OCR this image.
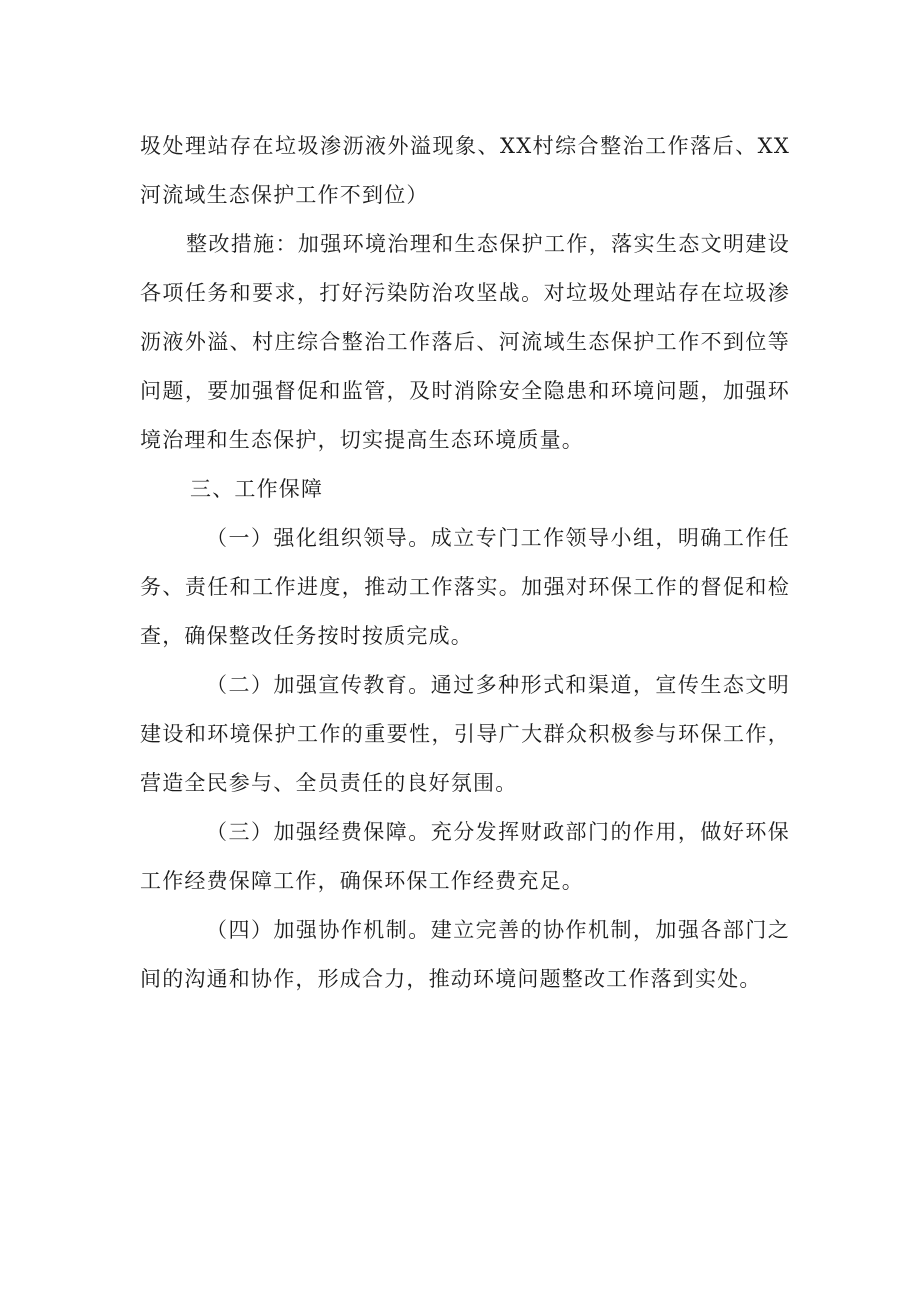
圾处理站存在垃圾渗沥液外溢现象、XX村综合整治工作落后、XX河流域生态保护工作不到位）

整改措施：加强环境治理和生态保护工作，落实生态文明建设各项任务和要求，打好污染防治攻坚战。对垃圾处理站存在垃圾渗沥液外溢、村庄综合整治工作落后、河流域生态保护工作不到位等问题，要加强督促和监管，及时消除安全隐患和环境问题，加强环境治理和生态保护，切实提高生态环境质量。

三、工作保障

（一）强化组织领导。成立专门工作领导小组，明确工作任务、责任和工作进度，推动工作落实。加强对环保工作的督促和检查，确保整改任务按时按质完成。

（二）加强宣传教育。通过多种形式和渠道，宣传生态文明建设和环境保护工作的重要性，引导广大群众积极参与环保工作，营造全民参与、全员责任的良好氛围。

（三）加强经费保障。充分发挥财政部门的作用，做好环保工作经费保障工作，确保环保工作经费充足。

（四）加强协作机制。建立完善的协作机制，加强各部门之间的沟通和协作，形成合力，推动环境问题整改工作落到实处。
